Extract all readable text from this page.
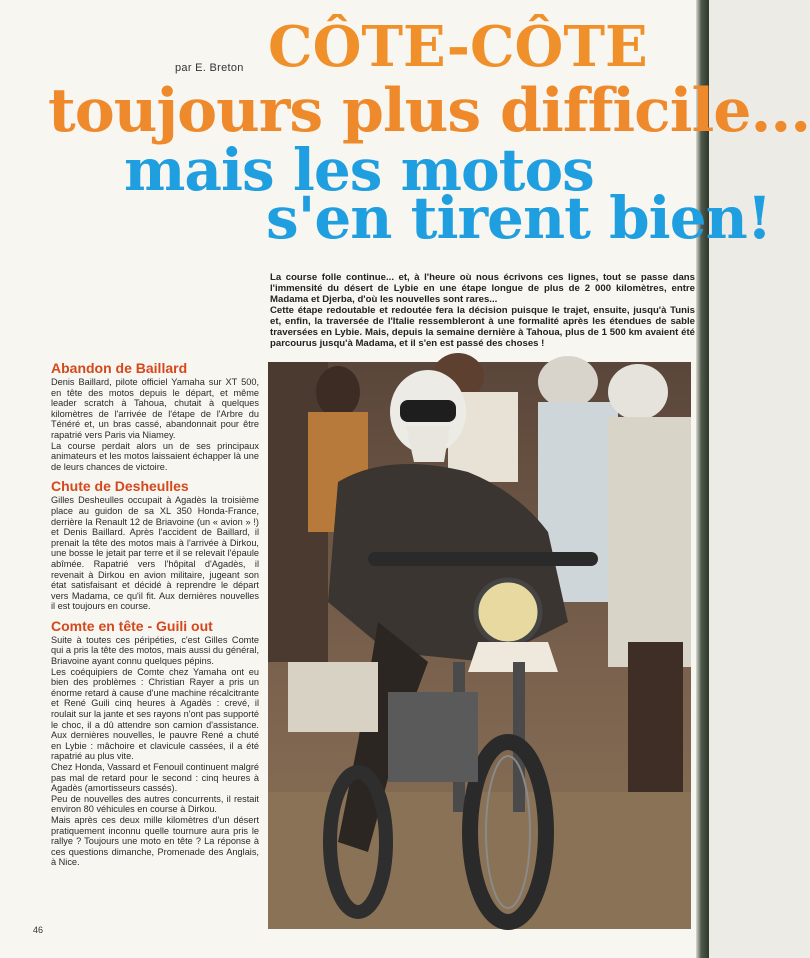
par E. Breton CÔTE-CÔTE
toujours plus difficile...
mais les motos
s'en tirent bien!

La course folle continue... et, à l'heure où nous écrivons ces lignes, tout se passe dans l'immensité du désert de Lybie en une étape longue de plus de 2 000 kilomètres, entre Madama et Djerba, d'où les nouvelles sont rares...

Cette étape redoutable et redoutée fera la décision puisque le trajet, ensuite, jusqu'à Tunis et, enfin, la traversée de l'Italie ressembleront à une formalité après les étendues de sable traversées en Lybie. Mais, depuis la semaine dernière à Tahoua, plus de 1 500 km avaient été parcourus jusqu'à Madama, et il s'en est passé des choses !

Abandon de Baillard

Denis Baillard, pilote officiel Yamaha sur XT 500, en tête des motos depuis le départ, et même leader scratch à Tahoua, chutait à quelques kilomètres de l'arrivée de l'étape de l'Arbre du Ténéré et, un bras cassé, abandonnait pour être rapatrié vers Paris via Niamey.

La course perdait alors un de ses principaux animateurs et les motos laissaient échapper là une de leurs chances de victoire.

Chute de Desheulles

Gilles Desheulles occupait à Agadès la troisième place au guidon de sa XL 350 Honda-France, derrière la Renault 12 de Briavoine (un « avion » !) et Denis Baillard. Après l'accident de Baillard, il prenait la tête des motos mais à l'arrivée à Dirkou, une bosse le jetait par terre et il se relevait l'épaule abîmée. Rapatrié vers l'hôpital d'Agadès, il revenait à Dirkou en avion militaire, jugeant son état satisfaisant et décidé à reprendre le départ vers Madama, ce qu'il fit. Aux dernières nouvelles il est toujours en course.

Comte en tête - Guili out

Suite à toutes ces péripéties, c'est Gilles Comte qui a pris la tête des motos, mais aussi du général, Briavoine ayant connu quelques pépins.

Les coéquipiers de Comte chez Yamaha ont eu bien des problèmes : Christian Rayer a pris un énorme retard à cause d'une machine récalcitrante et René Guili cinq heures à Agadès : crevé, il roulait sur la jante et ses rayons n'ont pas supporté le choc, il a dû attendre son camion d'assistance. Aux dernières nouvelles, le pauvre René a chuté en Lybie : mâchoire et clavicule cassées, il a été rapatrié au plus vite.

Chez Honda, Vassard et Fenouil continuent malgré pas mal de retard pour le second : cinq heures à Agadès (amortisseurs cassés).

Peu de nouvelles des autres concurrents, il restait environ 80 véhicules en course à Dirkou.

Mais après ces deux mille kilomètres d'un désert pratiquement inconnu quelle tournure aura pris le rallye ? Toujours une moto en tête ? La réponse à ces questions dimanche, Promenade des Anglais, à Nice.

46
